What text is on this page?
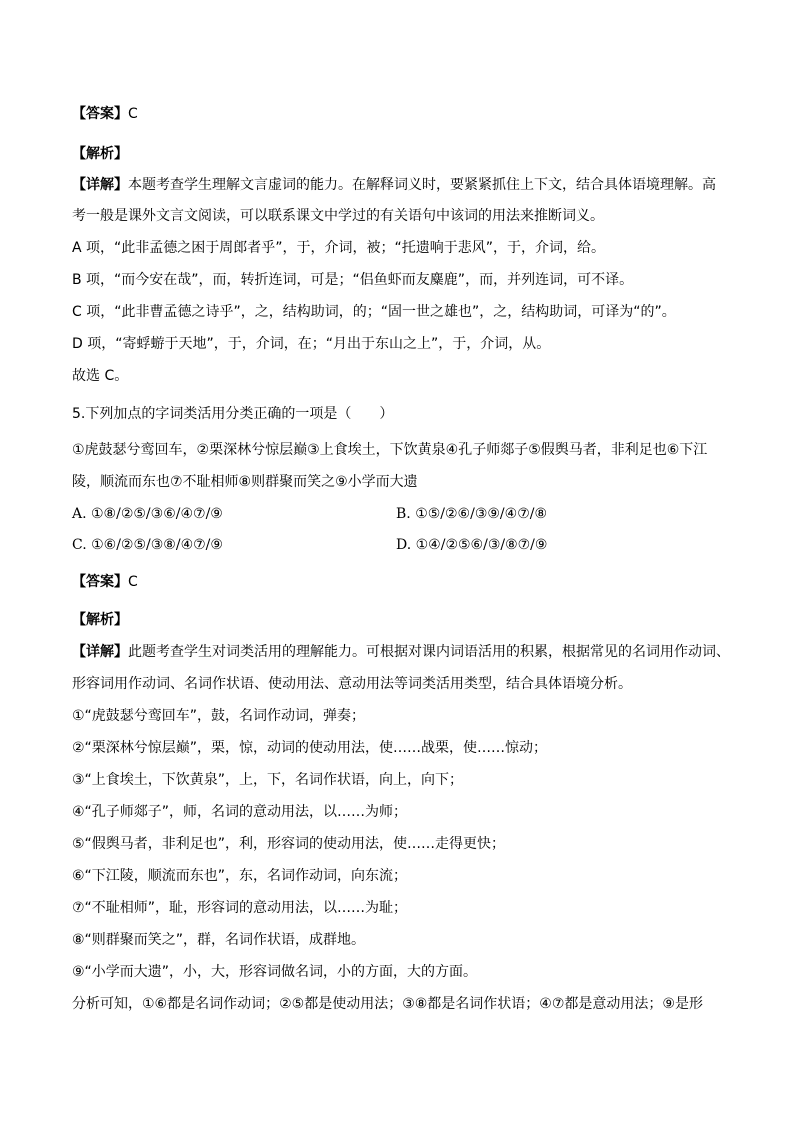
【答案】C
【解析】
【详解】本题考查学生理解文言虚词的能力。在解释词义时，要紧紧抓住上下文，结合具体语境理解。高
考一般是课外文言文阅读，可以联系课文中学过的有关语句中该词的用法来推断词义。
A 项，“此非孟德之困于周郎者乎”，于，介词，被；“托遗响于悲风”，于，介词，给。
B 项，“而今安在哉”，而，转折连词，可是；“侣鱼虾而友麋鹿”，而，并列连词，可不译。
C 项，“此非曹孟德之诗乎”，之，结构助词，的；“固一世之雄也”，之，结构助词，可译为“的”。
D 项，“寄蜉蝣于天地”，于，介词，在；“月出于东山之上”，于，介词，从。
故选 C。
5.下列加点的字词类活用分类正确的一项是（　　）
①虎鼓瑟兮鸾回车，②栗深林兮惊层巅③上食埃土，下饮黄泉④孔子师郯子⑤假舆马者，非利足也⑥下江
陵，顺流而东也⑦不耻相师⑧则群聚而笑之⑨小学而大遗
A. ①⑧/②⑤/③⑥/④⑦/⑨	B. ①⑤/②⑥/③⑨/④⑦/⑧
C. ①⑥/②⑤/③⑧/④⑦/⑨	D. ①④/②⑤⑥/③/⑧⑦/⑨
【答案】C
【解析】
【详解】此题考查学生对词类活用的理解能力。可根据对课内词语活用的积累，根据常见的名词用作动词、
形容词用作动词、名词作状语、使动用法、意动用法等词类活用类型，结合具体语境分析。
①“虎鼓瑟兮鸾回车”，鼓，名词作动词，弹奏；
②“栗深林兮惊层巅”，栗，惊，动词的使动用法，使……战栗，使……惊动；
③“上食埃土，下饮黄泉”，上，下，名词作状语，向上，向下；
④“孔子师郯子”，师，名词的意动用法，以……为师；
⑤“假舆马者，非利足也”，利，形容词的使动用法，使……走得更快；
⑥“下江陵，顺流而东也”，东，名词作动词，向东流；
⑦“不耻相师”，耻，形容词的意动用法，以……为耻；
⑧“则群聚而笑之”，群，名词作状语，成群地。
⑨“小学而大遗”，小，大，形容词做名词，小的方面，大的方面。
分析可知，①⑥都是名词作动词；②⑤都是使动用法；③⑧都是名词作状语；④⑦都是意动用法；⑨是形
